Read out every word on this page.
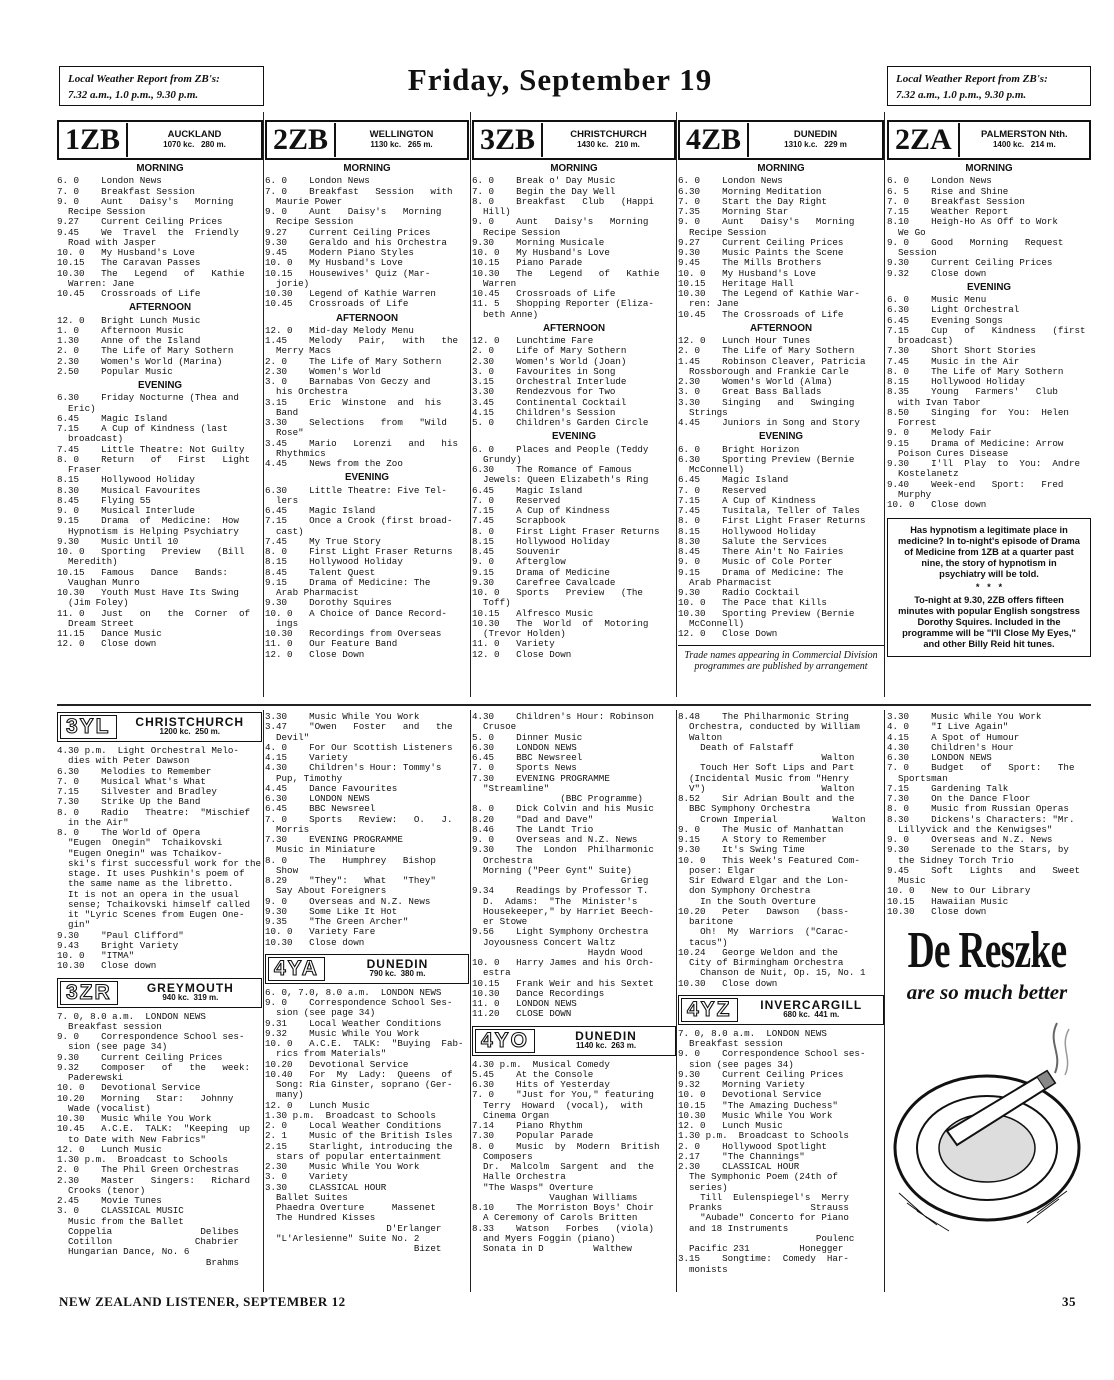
Local Weather Report from ZB's:
7.32 a.m., 1.0 p.m., 9.30 p.m.	Friday, September 19	Local Weather Report from ZB's:
7.32 a.m., 1.0 p.m., 9.30 p.m.
1ZB	AUCKLAND
1070 kc.   280 m.
MORNING
6. 0    London News
7. 0    Breakfast Session
9. 0    Aunt   Daisy's   Morning
Recipe Session
9.27    Current Ceiling Prices
9.45    We  Travel  the  Friendly
Road with Jasper
10. 0   My Husband's Love
10.15   The Caravan Passes
10.30   The   Legend   of   Kathie
Warren: Jane
10.45   Crossroads of Life
AFTERNOON
12. 0   Bright Lunch Music
1. 0    Afternoon Music
1.30    Anne of the Island
2. 0    The Life of Mary Sothern
2.30    Women's World (Marina)
2.50    Popular Music
EVENING
6.30    Friday Nocturne (Thea and
Eric)
6.45    Magic Island
7.15    A Cup of Kindness (last
broadcast)
7.45    Little Theatre: Not Guilty
8. 0    Return   of   First   Light
Fraser
8.15    Hollywood Holiday
8.30    Musical Favourites
8.45    Flying 55
9. 0    Musical Interlude
9.15    Drama  of  Medicine:  How
Hypnotism is Helping Psychiatry
9.30    Music Until 10
10. 0   Sporting   Preview   (Bill
Meredith)
10.15   Famous   Dance   Bands:
Vaughan Munro
10.30   Youth Must Have Its Swing
(Jim Foley)
11. 0   Just   on   the  Corner  of
Dream Street
11.15   Dance Music
12. 0   Close down
2ZB	WELLINGTON
1130 kc.   265 m.
MORNING
6. 0    London News
7. 0    Breakfast   Session   with
Maurie Power
9. 0    Aunt   Daisy's   Morning
Recipe Session
9.27    Current Ceiling Prices
9.30    Geraldo and his Orchestra
9.45    Modern Piano Styles
10. 0   My Husband's Love
10.15   Housewives' Quiz (Mar-
jorie)
10.30   Legend of Kathie Warren
10.45   Crossroads of Life
AFTERNOON
12. 0   Mid-day Melody Menu
1.45    Melody   Pair,   with   the
Merry Macs
2. 0    The Life of Mary Sothern
2.30    Women's World
3. 0    Barnabas Von Geczy and
his Orchestra
3.15    Eric  Winstone  and  his
Band
3.30    Selections   from   "Wild
Rose"
3.45    Mario   Lorenzi   and   his
Rhythmics
4.45    News from the Zoo
EVENING
6.30    Little Theatre: Five Tel-
lers
6.45    Magic Island
7.15    Once a Crook (first broad-
cast)
7.45    My True Story
8. 0    First Light Fraser Returns
8.15    Hollywood Holiday
8.45    Talent Quest
9.15    Drama of Medicine: The
Arab Pharmacist
9.30    Dorothy Squires
10. 0   A Choice of Dance Record-
ings
10.30   Recordings from Overseas
11. 0   Our Feature Band
12. 0   Close Down
3ZB	CHRISTCHURCH
1430 kc.   210 m.
MORNING
6. 0    Break o' Day Music
7. 0    Begin the Day Well
8. 0    Breakfast   Club   (Happi
Hill)
9. 0    Aunt   Daisy's   Morning
Recipe Session
9.30    Morning Musicale
10. 0   My Husband's Love
10.15   Piano Parade
10.30   The   Legend   of   Kathie
Warren
10.45   Crossroads of Life
11. 5   Shopping Reporter (Eliza-
beth Anne)
AFTERNOON
12. 0   Lunchtime Fare
2. 0    Life of Mary Sothern
2.30    Women's World (Joan)
3. 0    Favourites in Song
3.15    Orchestral Interlude
3.30    Rendezvous for Two
3.45    Continental Cocktail
4.15    Children's Session
5. 0    Children's Garden Circle
EVENING
6. 0    Places and People (Teddy
Grundy)
6.30    The Romance of Famous
Jewels: Queen Elizabeth's Ring
6.45    Magic Island
7. 0    Reserved
7.15    A Cup of Kindness
7.45    Scrapbook
8. 0    First Light Fraser Returns
8.15    Hollywood Holiday
8.45    Souvenir
9. 0    Afterglow
9.15    Drama of Medicine
9.30    Carefree Cavalcade
10. 0   Sports   Preview   (The
Toff)
10.15   Alfresco Music
10.30   The  World  of  Motoring
(Trevor Holden)
11. 0   Variety
12. 0   Close Down
4ZB	DUNEDIN
1310 k.c.   229 m
MORNING
6. 0    London News
6.30    Morning Meditation
7. 0    Start the Day Right
7.35    Morning Star
9. 0    Aunt   Daisy's   Morning
Recipe Session
9.27    Current Ceiling Prices
9.30    Music Paints the Scene
9.45    The Mills Brothers
10. 0   My Husband's Love
10.15   Heritage Hall
10.30   The Legend of Kathie War-
ren: Jane
10.45   The Crossroads of Life
AFTERNOON
12. 0   Lunch Hour Tunes
2. 0    The Life of Mary Sothern
1.45    Robinson Cleaver, Patricia
Rossborough and Frankie Carle
2.30    Women's World (Alma)
3. 0    Great Bass Ballads
3.30    Singing   and   Swinging
Strings
4.45    Juniors in Song and Story
EVENING
6. 0    Bright Horizon
6.30    Sporting Preview (Bernie
McConnell)
6.45    Magic Island
7. 0    Reserved
7.15    A Cup of Kindness
7.45    Tusitala, Teller of Tales
8. 0    First Light Fraser Returns
8.15    Hollywood Holiday
8.30    Salute the Services
8.45    There Ain't No Fairies
9. 0    Music of Cole Porter
9.15    Drama of Medicine: The
Arab Pharmacist
9.30    Radio Cocktail
10. 0   The Pace that Kills
10.30   Sporting Preview (Bernie
McConnell)
12. 0   Close Down
Trade names appearing in Commercial Division programmes are published by arrangement
2ZA	PALMERSTON Nth.
1400 kc.   214 m.
MORNING
6. 0    London News
6. 5    Rise and Shine
7. 0    Breakfast Session
7.15    Weather Report
8.10    Heigh-Ho As Off to Work
We Go
9. 0    Good   Morning   Request
Session
9.30    Current Ceiling Prices
9.32    Close down
EVENING
6. 0    Music Menu
6.30    Light Orchestral
6.45    Evening Songs
7.15    Cup   of   Kindness   (first
broadcast)
7.30    Short Short Stories
7.45    Music in the Air
8. 0    The Life of Mary Sothern
8.15    Hollywood Holiday
8.35    Young   Farmers'   Club
with Ivan Tabor
8.50    Singing  for  You:  Helen
Forrest
9. 0    Melody Fair
9.15    Drama of Medicine: Arrow
Poison Cures Disease
9.30    I'll  Play  to  You:  Andre
Kostelanetz
9.40    Week-end   Sport:   Fred
Murphy
10. 0   Close down
Has hypnotism a legitimate place in medicine? In to-night's episode of Drama of Medicine from 1ZB at a quarter past nine, the story of hypnotism in psychiatry will be told.
*   *   *
To-night at 9.30, 2ZB offers fifteen minutes with popular English songstress Dorothy Squires. Included in the programme will be "I'll Close My Eyes," and other Billy Reid hit tunes.
3YL	CHRISTCHURCH
1200 kc.  250 m.
4.30 p.m.  Light Orchestral Melo-
dies with Peter Dawson
6.30    Melodies to Remember
7. 0    Musical What's What
7.15    Silvester and Bradley
7.30    Strike Up the Band
8. 0    Radio   Theatre:  "Mischief
in the Air"
8. 0    The World of Opera
"Eugen  Onegin"  Tchaikovski
"Eugen Onegin" was Tchaikov-
ski's first successful work for the
stage. It uses Pushkin's poem of
the same name as the libretto.
It is not an opera in the usual
sense; Tchaikovski himself called
it "Lyric Scenes from Eugen One-
gin"
9.30    "Paul Clifford"
9.43    Bright Variety
10. 0   "ITMA"
10.30   Close down
3ZR	GREYMOUTH
940 kc.  319 m.
7. 0, 8.0 a.m.  LONDON NEWS
Breakfast session
9. 0    Correspondence School ses-
sion (see page 34)
9.30    Current Ceiling Prices
9.32    Composer   of   the   week:
Paderewski
10. 0   Devotional Service
10.20   Morning   Star:   Johnny
Wade (vocalist)
10.30   Music While You Work
10.45   A.C.E.  TALK:  "Keeping  up
to Date with New Fabrics"
12. 0   Lunch Music
1.30 p.m.  Broadcast to Schools
2. 0    The Phil Green Orchestras
2.30    Master   Singers:   Richard
Crooks (tenor)
2.45    Movie Tunes
3. 0    CLASSICAL MUSIC
Music from the Ballet
Coppelia                Delibes
Cotillon               Chabrier
Hungarian Dance, No. 6
Brahms
3.30    Music While You Work
3.47    "Owen   Foster   and   the
Devil"
4. 0    For Our Scottish Listeners
4.15    Variety
4.30    Children's Hour: Tommy's
Pup, Timothy
4.45    Dance Favourites
6.30    LONDON NEWS
6.45    BBC Newsreel
7. 0    Sports   Review:   O.   J.
Morris
7.30    EVENING PROGRAMME
Music in Miniature
8. 0    The   Humphrey   Bishop
Show
8.29    "They":   What   "They"
Say About Foreigners
9. 0    Overseas and N.Z. News
9.30    Some Like It Hot
9.35    "The Green Archer"
10. 0   Variety Fare
10.30   Close down
4YA	DUNEDIN
790 kc.  380 m.
6. 0, 7.0, 8.0 a.m.  LONDON NEWS
9. 0    Correspondence School Ses-
sion (see page 34)
9.31    Local Weather Conditions
9.32    Music While You Work
10. 0   A.C.E.  TALK:  "Buying  Fab-
rics from Materials"
10.20   Devotional Service
10.40   For  My  Lady:  Queens  of
Song: Ria Ginster, soprano (Ger-
many)
12. 0   Lunch Music
1.30 p.m.  Broadcast to Schools
2. 0    Local Weather Conditions
2. 1    Music of the British Isles
2.15    Starlight, introducing the
stars of popular entertainment
2.30    Music While You Work
3. 0    Variety
3.30    CLASSICAL HOUR
Ballet Suites
Phaedra Overture     Massenet
The Hundred Kisses
D'Erlanger
"L'Arlesienne" Suite No. 2
Bizet
4.30    Children's Hour: Robinson
Crusoe
5. 0    Dinner Music
6.30    LONDON NEWS
6.45    BBC Newsreel
7. 0    Sports News
7.30    EVENING PROGRAMME
"Streamline"
(BBC Programme)
8. 0    Dick Colvin and his Music
8.20    "Dad and Dave"
8.46    The Landt Trio
9. 0    Overseas and N.Z. News
9.30    The  London  Philharmonic
Orchestra
Morning ("Peer Gynt" Suite)
Grieg
9.34    Readings by Professor T.
D.  Adams:  "The  Minister's
Housekeeper," by Harriet Beech-
er Stowe
9.56    Light Symphony Orchestra
Joyousness Concert Waltz
Haydn Wood
10. 0   Harry James and his Orch-
estra
10.15   Frank Weir and his Sextet
10.30   Dance Recordings
11. 0   LONDON NEWS
11.20   CLOSE DOWN
4YO	DUNEDIN
1140 kc.  263 m.
4.30 p.m.  Musical Comedy
5.45    At the Console
6.30    Hits of Yesterday
7. 0    "Just for You," featuring
Terry  Howard  (vocal),  with
Cinema Organ
7.14    Piano Rhythm
7.30    Popular Parade
8. 0    Music  by  Modern  British
Composers
Dr.  Malcolm  Sargent  and  the
Halle Orchestra
"The Wasps" Overture
Vaughan Williams
8.10    The Morriston Boys' Choir
A Ceremony of Carols Britten
8.33    Watson   Forbes   (viola)
and Myers Foggin (piano)
Sonata in D         Walthew
8.48    The Philharmonic String
Orchestra, conducted by William
Walton
Death of Falstaff
Walton
Touch Her Soft Lips and Part
(Incidental Music from "Henry
V")                     Walton
8.52    Sir Adrian Boult and the
BBC Symphony Orchestra
Crown Imperial          Walton
9. 0    The Music of Manhattan
9.15    A Story to Remember
9.30    It's Swing Time
10. 0   This Week's Featured Com-
poser: Elgar
Sir Edward Elgar and the Lon-
don Symphony Orchestra
In the South Overture
10.20   Peter   Dawson   (bass-
baritone
Oh!  My  Warriors  ("Carac-
tacus")
10.24   George Weldon and the
City of Birmingham Orchestra
Chanson de Nuit, Op. 15, No. 1
10.30   Close down
4YZ	INVERCARGILL
680 kc.  441 m.
7. 0, 8.0 a.m.  LONDON NEWS
Breakfast session
9. 0    Correspondence School ses-
sion (see pages 34)
9.30    Current Ceiling Prices
9.32    Morning Variety
10. 0   Devotional Service
10.15   "The Amazing Duchess"
10.30   Music While You Work
12. 0   Lunch Music
1.30 p.m.  Broadcast to Schools
2. 0    Hollywood Spotlight
2.17    "The Channings"
2.30    CLASSICAL HOUR
The Symphonic Poem (24th of
series)
Till  Eulenspiegel's  Merry
Pranks                Strauss
"Aubade" Concerto for Piano
and 18 Instruments
Poulenc
Pacific 231         Honegger
3.15    Songtime:  Comedy  Har-
monists
3.30    Music While You Work
4. 0    "I Live Again"
4.15    A Spot of Humour
4.30    Children's Hour
6.30    LONDON NEWS
7. 0    Budget   of   Sport:   The
Sportsman
7.15    Gardening Talk
7.30    On the Dance Floor
8. 0    Music from Russian Operas
8.30    Dickens's Characters: "Mr.
Lillyvick and the Kenwigses"
9. 0    Overseas and N.Z. News
9.30    Serenade to the Stars, by
the Sidney Torch Trio
9.45    Soft   Lights   and   Sweet
Music
10. 0   New to Our Library
10.15   Hawaiian Music
10.30   Close down
De Reszke
are so much better
NEW ZEALAND LISTENER, SEPTEMBER 12	35
